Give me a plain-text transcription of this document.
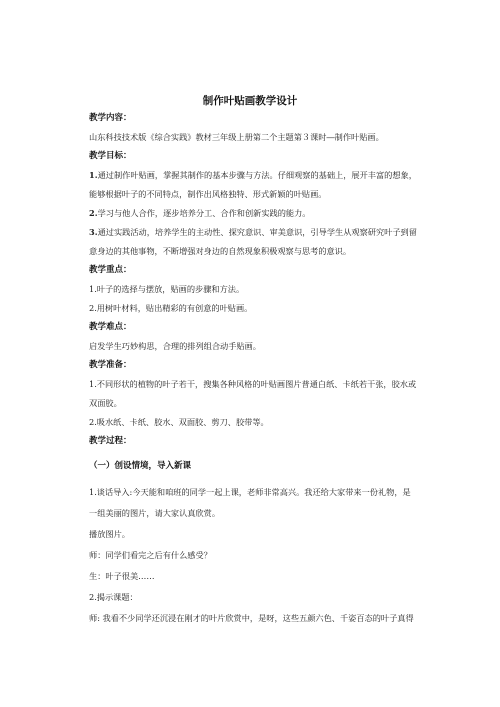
制作叶贴画教学设计
教学内容：
山东科技技术版《综合实践》教材三年级上册第二个主题第３课时―制作叶贴画。
教学目标：
1.通过制作叶贴画，掌握其制作的基本步骤与方法。仔细观察的基础上，展开丰富的想象，
能够根据叶子的不同特点，制作出风格独特、形式新颖的叶贴画。
2.学习与他人合作，逐步培养分工、合作和创新实践的能力。
3.通过实践活动，培养学生的主动性、探究意识、审美意识，引导学生从观察研究叶子到留
意身边的其他事物，不断增强对身边的自然现象积极观察与思考的意识。
教学重点：
1.叶子的选择与摆放，贴画的步骤和方法。
2.用树叶材料，贴出精彩的有创意的叶贴画。
教学难点：
启发学生巧妙构思，合理的排列组合动手贴画。
教学准备：
1.不同形状的植物的叶子若干，搜集各种风格的叶贴画图片普通白纸、卡纸若干张，胶水或
双面胶。
2.吸水纸、卡纸、胶水、双面胶、剪刀、胶带等。
教学过程：
（一）创设情境，导入新课
1.谈话导入:今天能和咱班的同学一起上课，老师非常高兴。我还给大家带来一份礼物，是
一组美丽的图片，请大家认真欣赏。
播放图片。
师：同学们看完之后有什么感受？
生：叶子很美……
2.揭示课题：
师: 我看不少同学还沉浸在刚才的叶片欣赏中，是呀，这些五颜六色、千姿百态的叶子真得
